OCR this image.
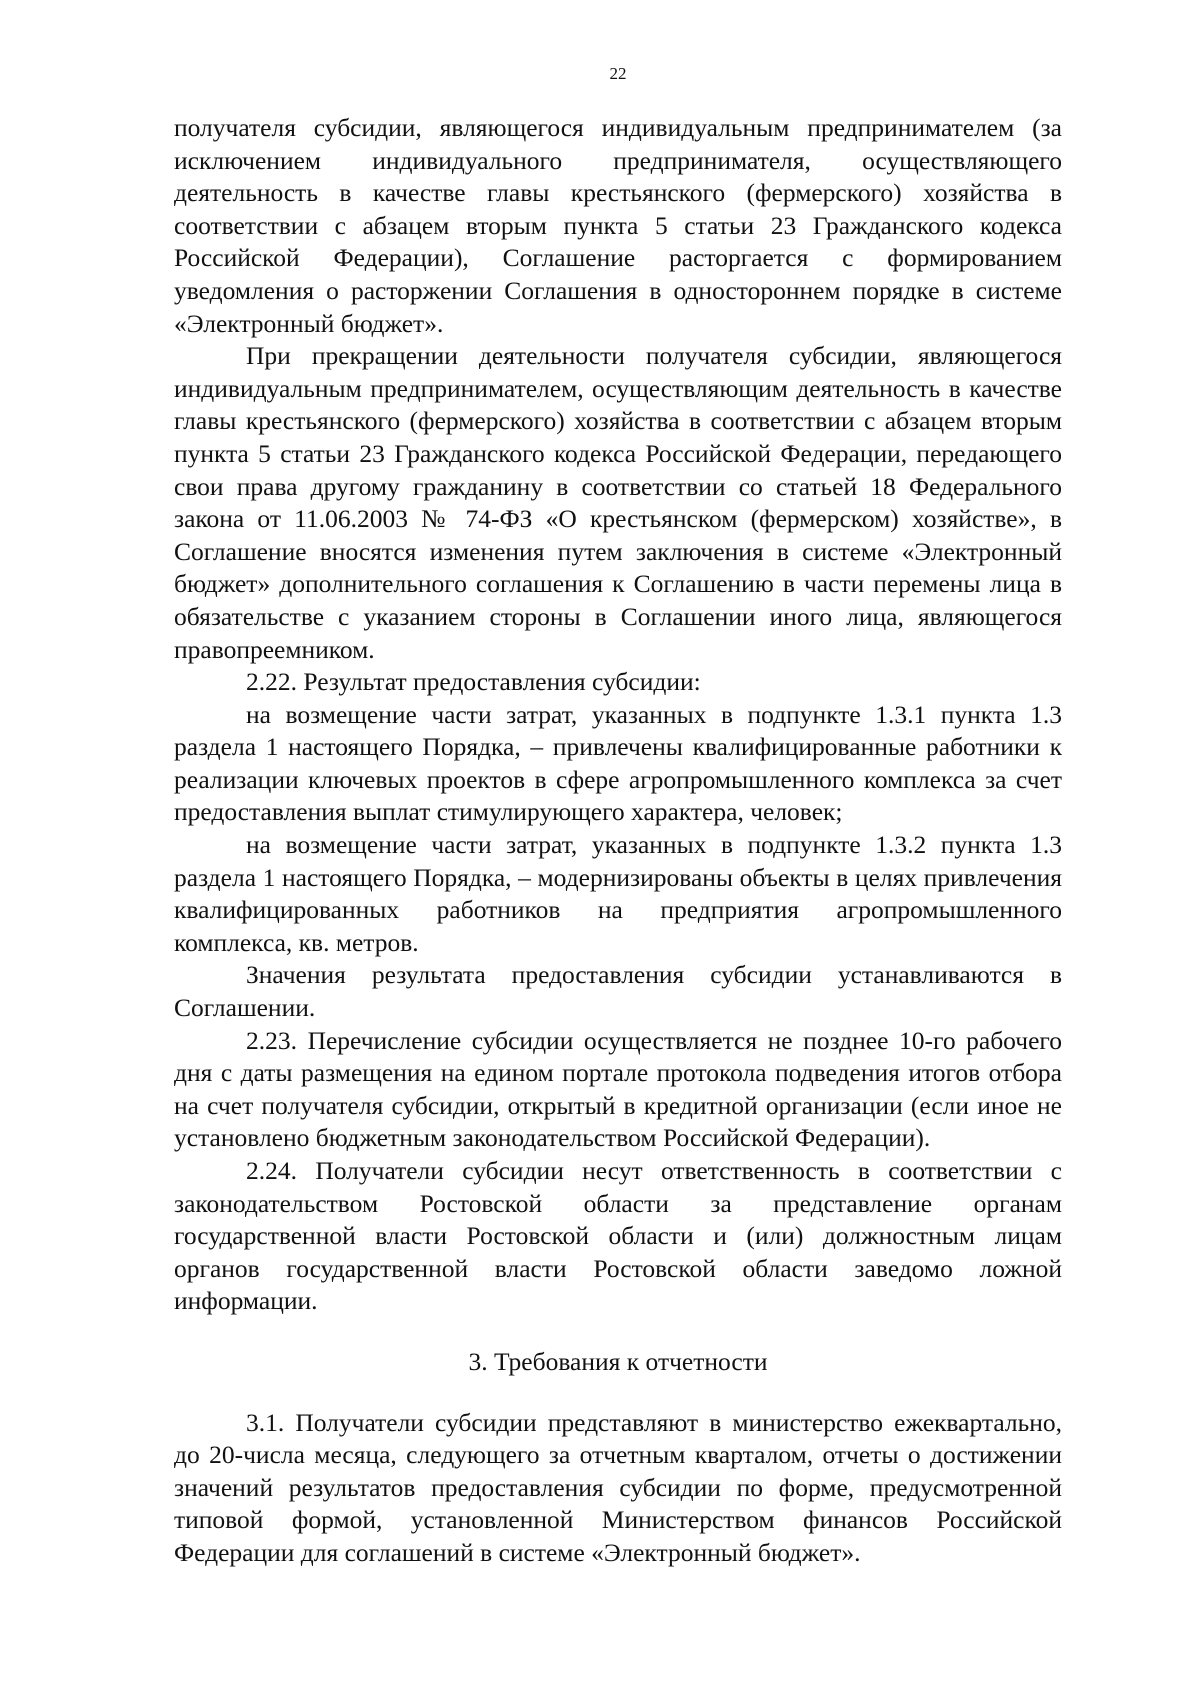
22

получателя субсидии, являющегося индивидуальным предпринимателем (за исключением индивидуального предпринимателя, осуществляющего деятельность в качестве главы крестьянского (фермерского) хозяйства в соответствии с абзацем вторым пункта 5 статьи 23 Гражданского кодекса Российской Федерации), Соглашение расторгается с формированием уведомления о расторжении Соглашения в одностороннем порядке в системе «Электронный бюджет».

При прекращении деятельности получателя субсидии, являющегося индивидуальным предпринимателем, осуществляющим деятельность в качестве главы крестьянского (фермерского) хозяйства в соответствии с абзацем вторым пункта 5 статьи 23 Гражданского кодекса Российской Федерации, передающего свои права другому гражданину в соответствии со статьей 18 Федерального закона от 11.06.2003 № 74-ФЗ «О крестьянском (фермерском) хозяйстве», в Соглашение вносятся изменения путем заключения в системе «Электронный бюджет» дополнительного соглашения к Соглашению в части перемены лица в обязательстве с указанием стороны в Соглашении иного лица, являющегося правопреемником.

2.22. Результат предоставления субсидии:

на возмещение части затрат, указанных в подпункте 1.3.1 пункта 1.3 раздела 1 настоящего Порядка, – привлечены квалифицированные работники к реализации ключевых проектов в сфере агропромышленного комплекса за счет предоставления выплат стимулирующего характера, человек;

на возмещение части затрат, указанных в подпункте 1.3.2 пункта 1.3 раздела 1 настоящего Порядка, – модернизированы объекты в целях привлечения квалифицированных работников на предприятия агропромышленного комплекса, кв. метров.

Значения результата предоставления субсидии устанавливаются в Соглашении.

2.23. Перечисление субсидии осуществляется не позднее 10-го рабочего дня с даты размещения на едином портале протокола подведения итогов отбора на счет получателя субсидии, открытый в кредитной организации (если иное не установлено бюджетным законодательством Российской Федерации).

2.24. Получатели субсидии несут ответственность в соответствии с законодательством Ростовской области за представление органам государственной власти Ростовской области и (или) должностным лицам органов государственной власти Ростовской области заведомо ложной информации.

3. Требования к отчетности

3.1. Получатели субсидии представляют в министерство ежеквартально, до 20-числа месяца, следующего за отчетным кварталом, отчеты о достижении значений результатов предоставления субсидии по форме, предусмотренной типовой формой, установленной Министерством финансов Российской Федерации для соглашений в системе «Электронный бюджет».
